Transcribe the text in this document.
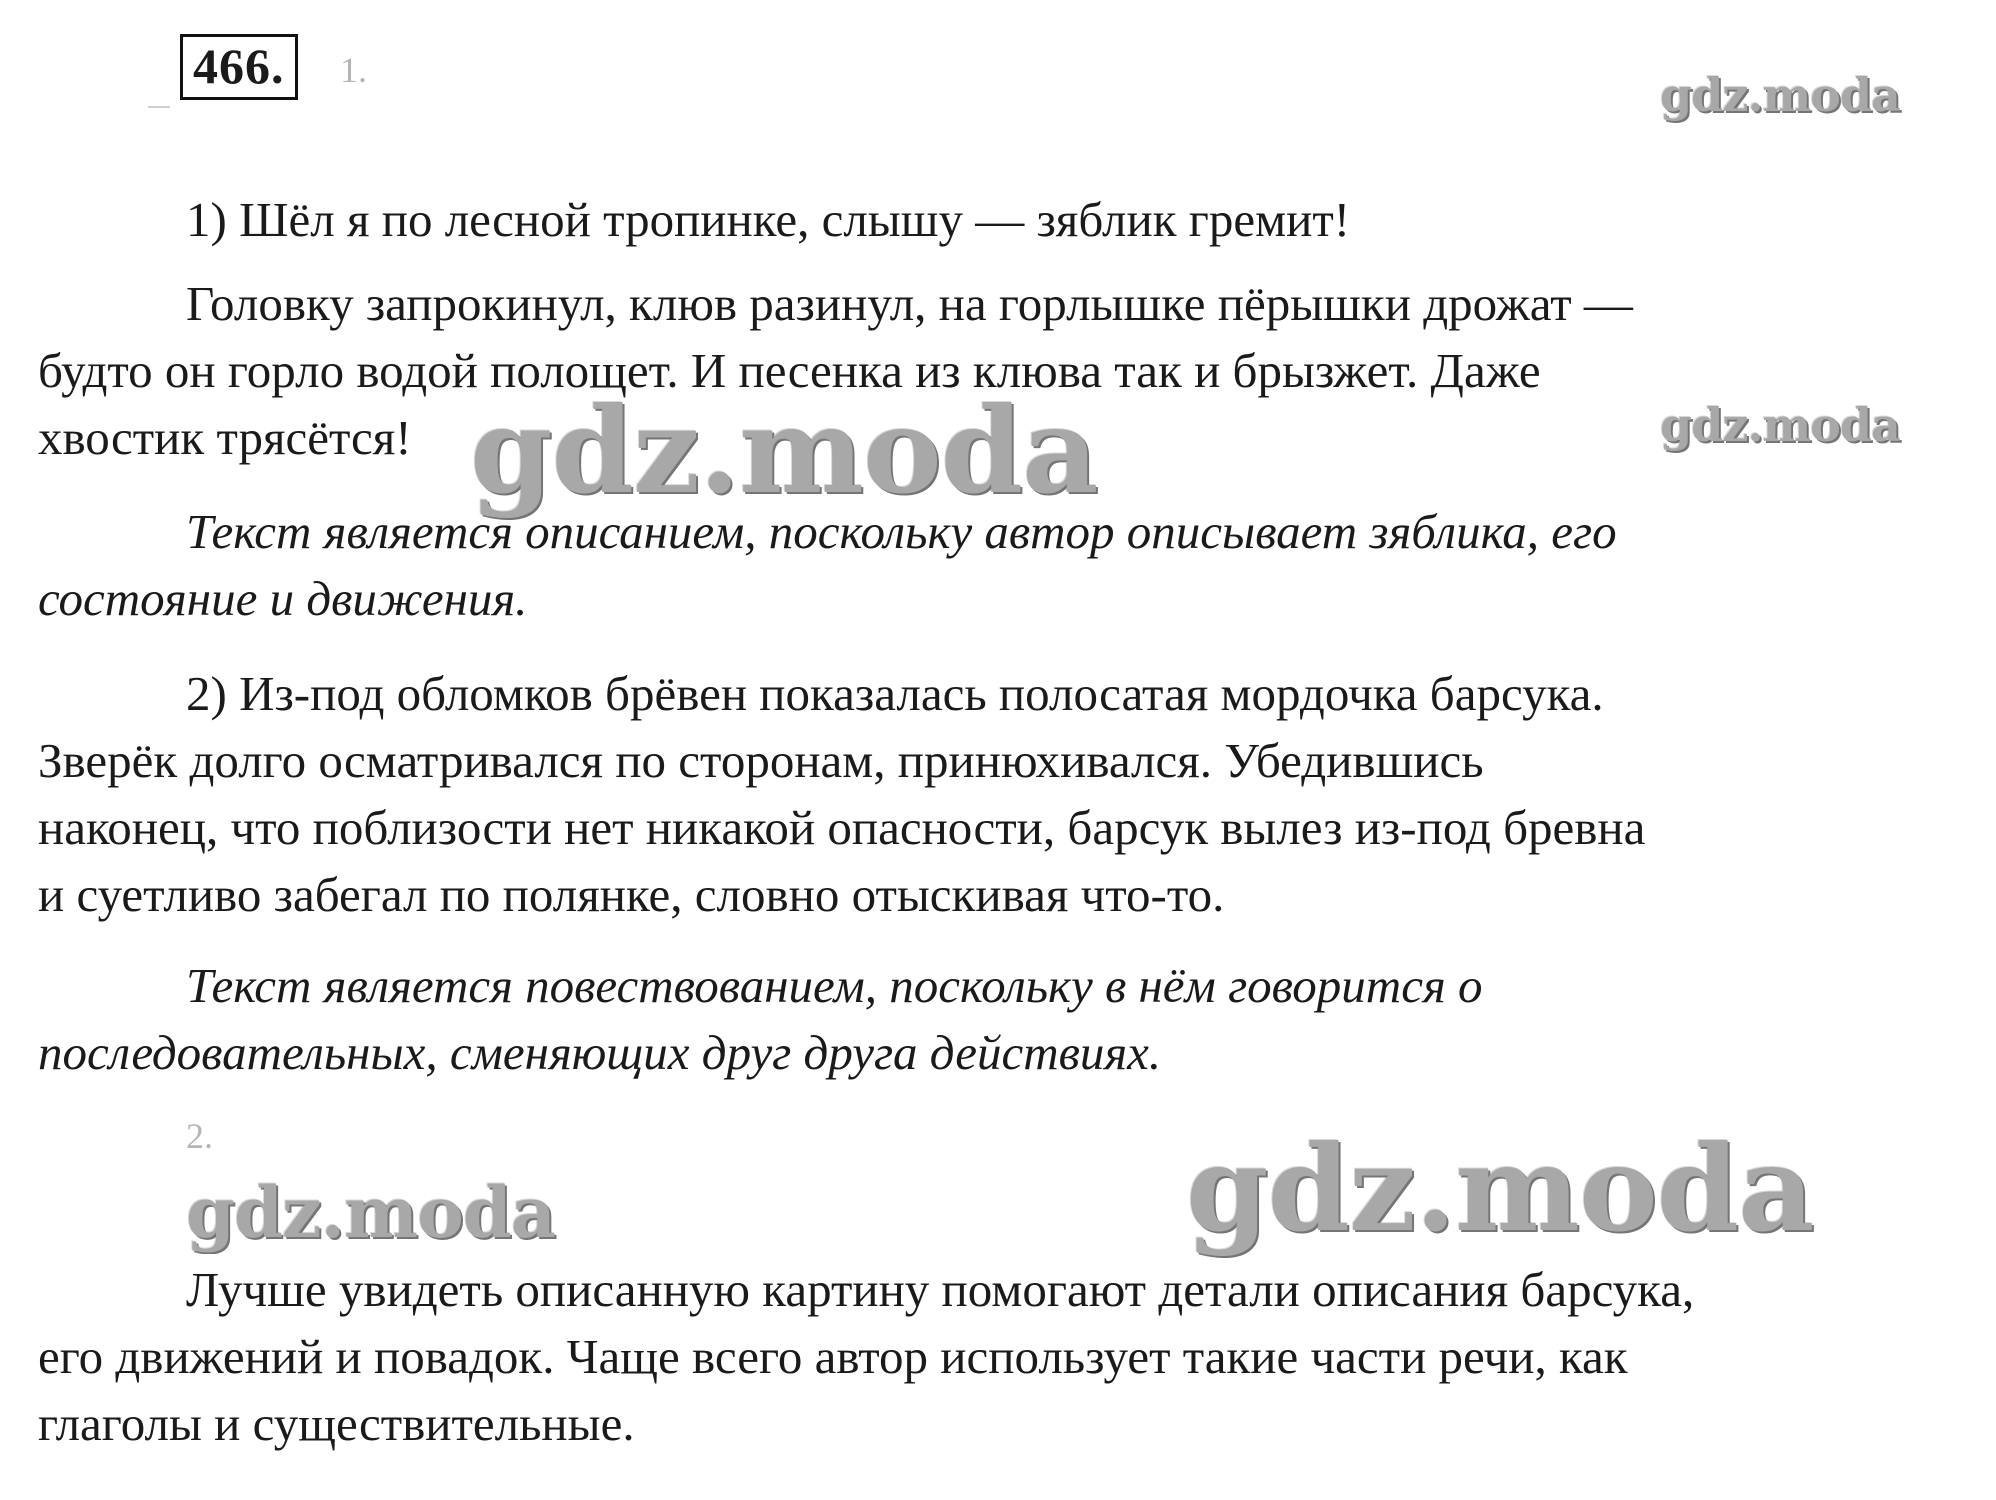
466.	1.

1) Шёл я по лесной тропинке, слышу — зяблик гремит!

Головку запрокинул, клюв разинул, на горлышке пёрышки дрожат —
будто он горло водой полощет. И песенка из клюва так и брызжет. Даже
хвостик трясётся!

Текст является описанием, поскольку автор описывает зяблика, его
состояние и движения.

2) Из-под обломков брёвен показалась полосатая мордочка барсука.
Зверёк долго осматривался по сторонам, принюхивался. Убедившись
наконец, что поблизости нет никакой опасности, барсук вылез из-под бревна
и суетливо забегал по полянке, словно отыскивая что-то.

Текст является повествованием, поскольку в нём говорится о
последовательных, сменяющих друг друга действиях.

2.

Лучше увидеть описанную картину помогают детали описания барсука,
его движений и повадок. Чаще всего автор использует такие части речи, как
глаголы и существительные.

gdz.moda
gdz.moda
gdz.moda
gdz.moda	gdz.moda
